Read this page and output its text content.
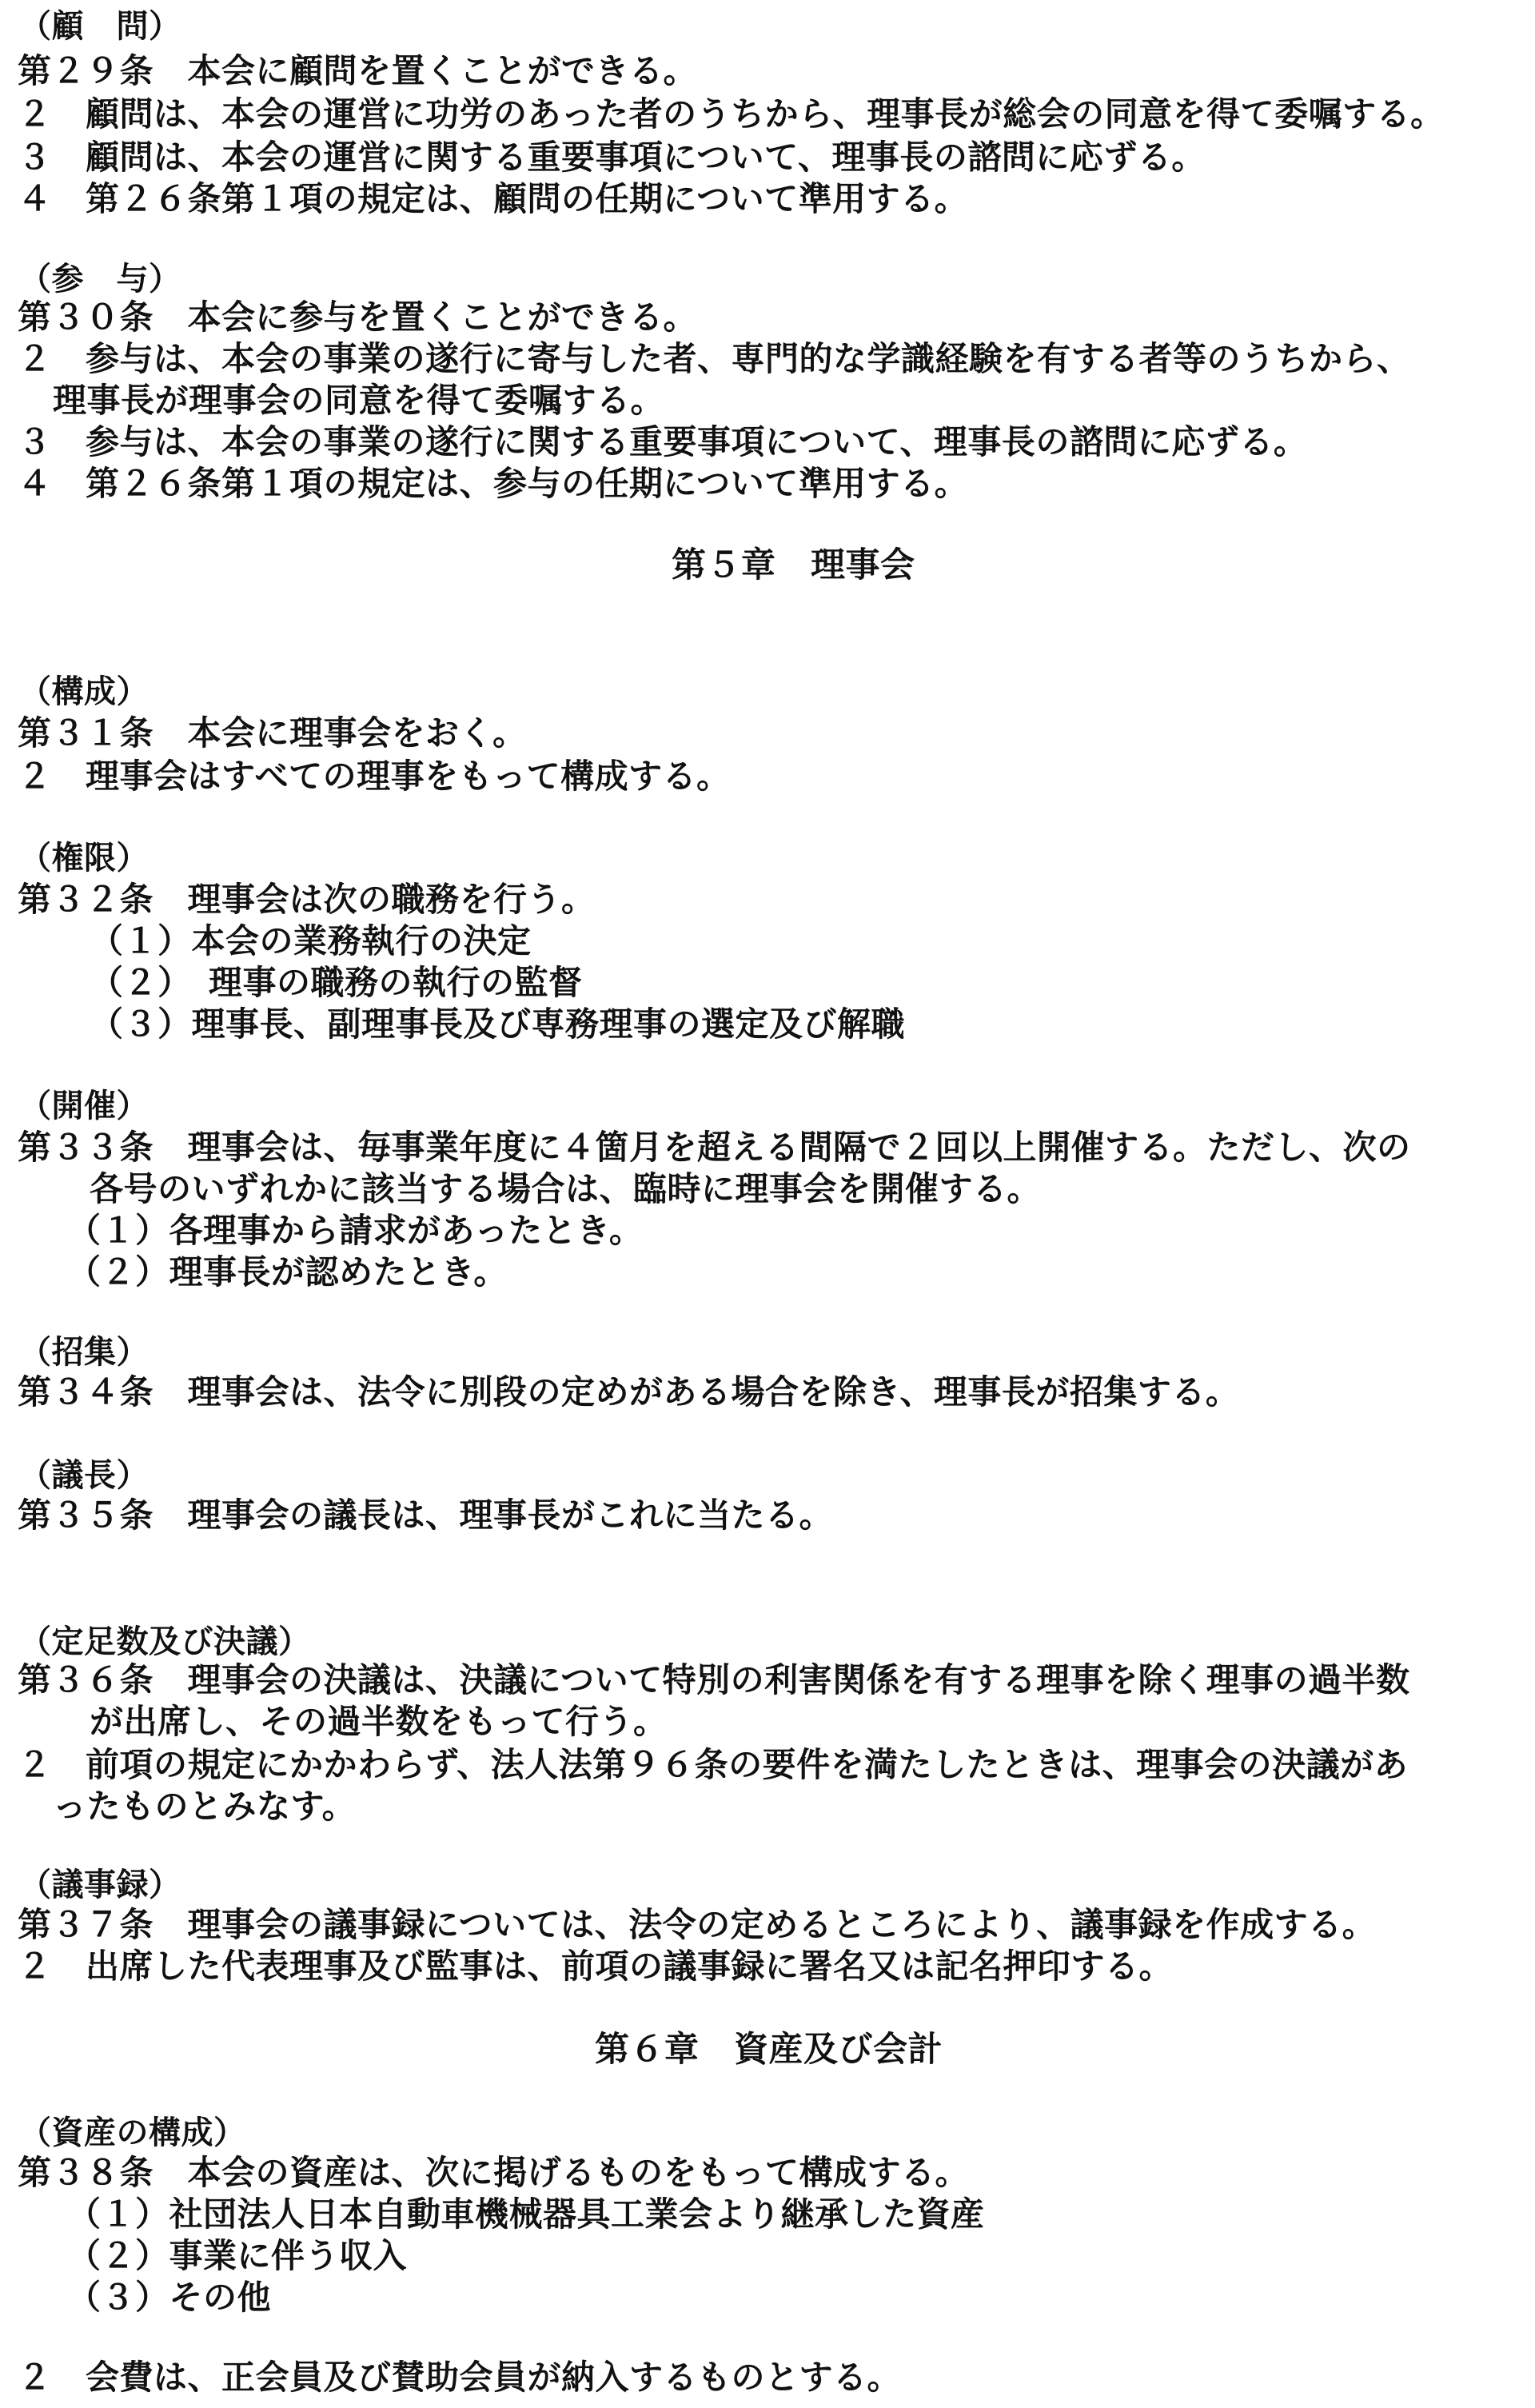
（顧　問）

第２９条　本会に顧問を置くことができる。

２　顧問は、本会の運営に功労のあった者のうちから、理事長が総会の同意を得て委嘱する。

３　顧問は、本会の運営に関する重要事項について、理事長の諮問に応ずる。

４　第２６条第１項の規定は、顧問の任期について準用する。

（参　与）

第３０条　本会に参与を置くことができる。

２　参与は、本会の事業の遂行に寄与した者、専門的な学識経験を有する者等のうちから、

理事長が理事会の同意を得て委嘱する。

３　参与は、本会の事業の遂行に関する重要事項について、理事長の諮問に応ずる。

４　第２６条第１項の規定は、参与の任期について準用する。

第５章　理事会

（構成）

第３１条　本会に理事会をおく。

２　理事会はすべての理事をもって構成する。

（権限）

第３２条　理事会は次の職務を行う。

（１）本会の業務執行の決定

（２）　理事の職務の執行の監督

（３）理事長、副理事長及び専務理事の選定及び解職

（開催）

第３３条　理事会は、毎事業年度に４箇月を超える間隔で２回以上開催する。ただし、次の

各号のいずれかに該当する場合は、臨時に理事会を開催する。

（１）各理事から請求があったとき。

（２）理事長が認めたとき。

（招集）

第３４条　理事会は、法令に別段の定めがある場合を除き、理事長が招集する。

（議長）

第３５条　理事会の議長は、理事長がこれに当たる。

（定足数及び決議）

第３６条　理事会の決議は、決議について特別の利害関係を有する理事を除く理事の過半数

が出席し、その過半数をもって行う。

２　前項の規定にかかわらず、法人法第９６条の要件を満たしたときは、理事会の決議があ

ったものとみなす。

（議事録）

第３７条　理事会の議事録については、法令の定めるところにより、議事録を作成する。

２　出席した代表理事及び監事は、前項の議事録に署名又は記名押印する。

第６章　資産及び会計

（資産の構成）

第３８条　本会の資産は、次に掲げるものをもって構成する。

（１）社団法人日本自動車機械器具工業会より継承した資産

（２）事業に伴う収入

（３）その他

２　会費は、正会員及び賛助会員が納入するものとする。
